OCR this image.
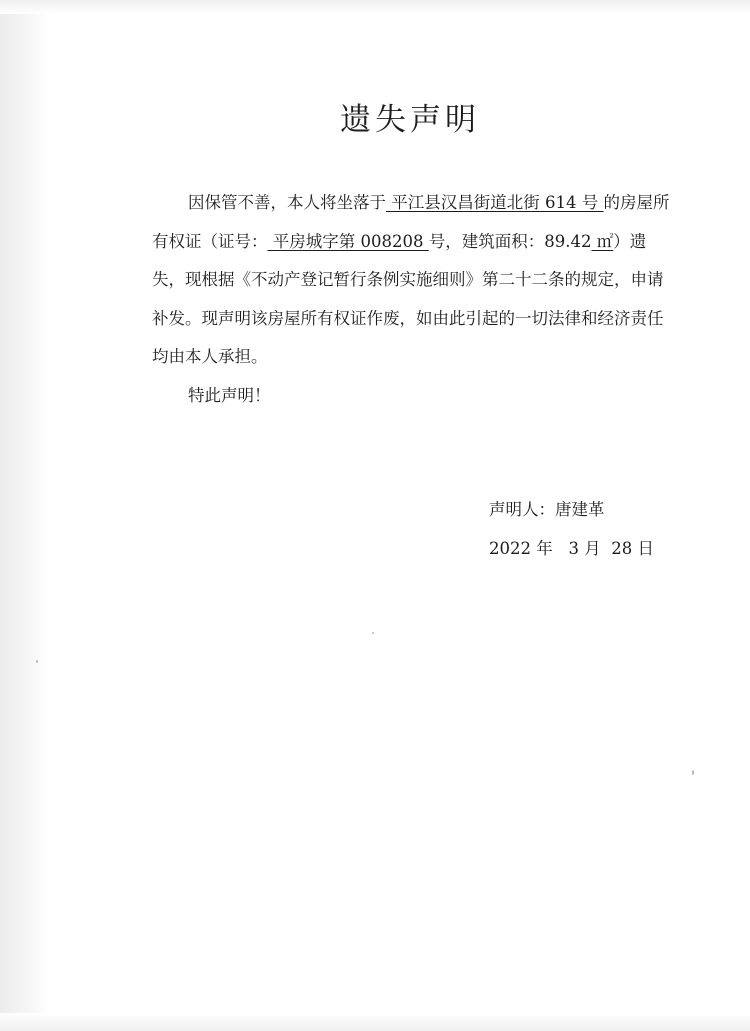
遗失声明

因保管不善，本人将坐落于 平江县汉昌街道北街 614 号 的房屋所有权证（证号： 平房城字第 008208 号，建筑面积：89.42 ㎡）遗失，现根据《不动产登记暂行条例实施细则》第二十二条的规定，申请补发。现声明该房屋所有权证作废，如由此引起的一切法律和经济责任均由本人承担。

特此声明！

声明人：唐建革
2022 年 3 月 28 日
